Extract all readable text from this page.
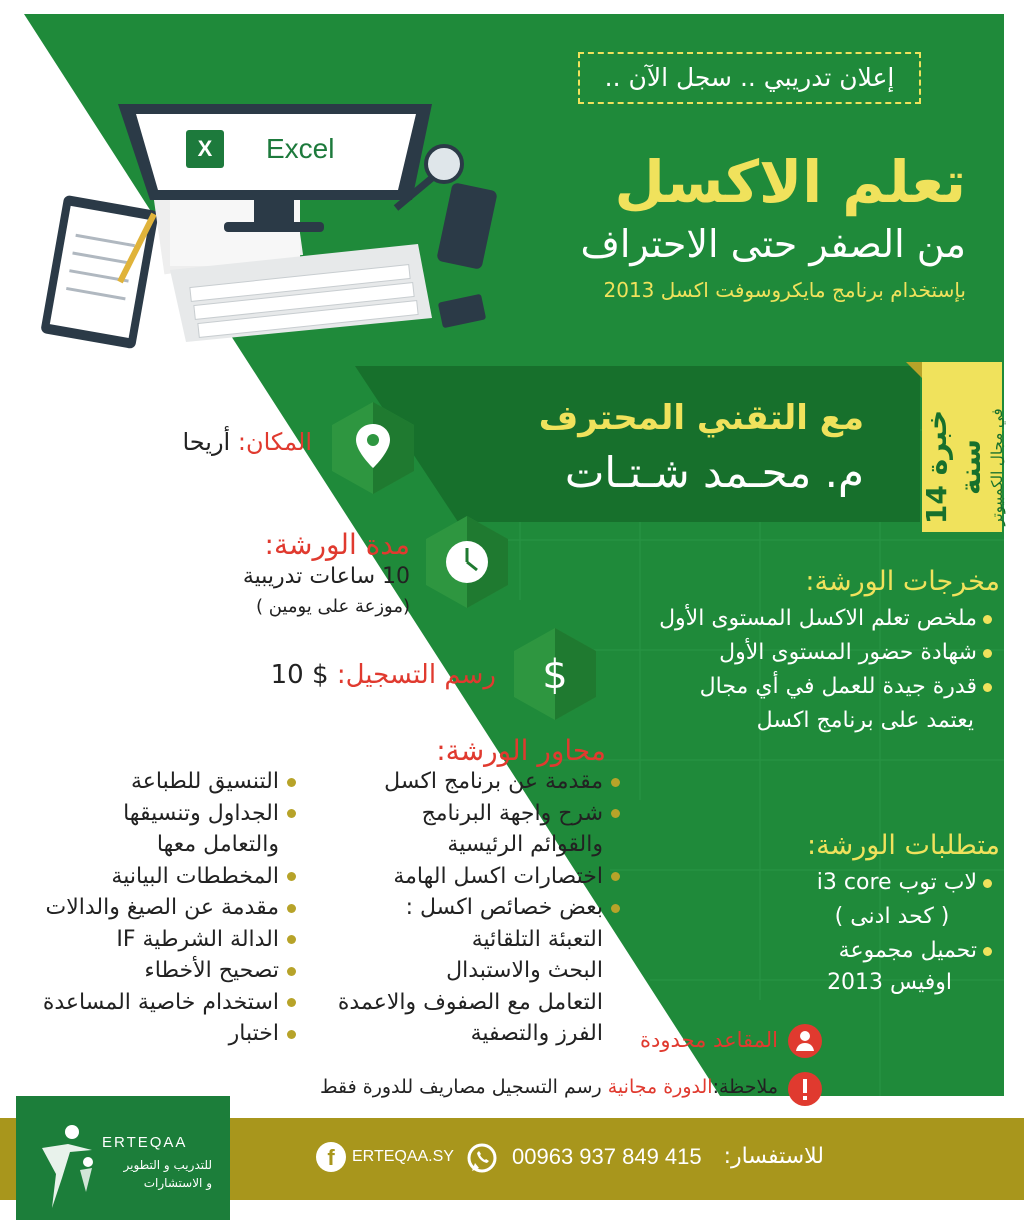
X Excel
إعلان تدريبي .. سجل الآن ..
تعلم الاكسل
من الصفر حتى الاحتراف
بإستخدام برنامج مايكروسوفت اكسل 2013
مع التقني المحترف
م. محـمد شـتـات
خبرة 14 سنة في مجال الكمبيوتر
$
المكان: أريحا
مدة الورشة:
10 ساعات تدريبية
(موزعة على يومين )
رسم التسجيل: $ 10
مخرجات الورشة:
ملخص تعلم الاكسل المستوى الأول
شهادة حضور المستوى الأول
قدرة جيدة للعمل في أي مجال
يعتمد على برنامج اكسل
متطلبات الورشة:
لاب توب i3 core
( كحد ادنى )
تحميل مجموعة
اوفيس 2013
محاور الورشة:
مقدمة عن برنامج اكسل
شرح واجهة البرنامج
والقوائم الرئيسية
اختصارات اكسل الهامة
بعض خصائص اكسل :
التعبئة التلقائية
البحث والاستبدال
التعامل مع الصفوف والاعمدة
الفرز والتصفية
التنسيق للطباعة
الجداول وتنسيقها
والتعامل معها
المخططات البيانية
مقدمة عن الصيغ والدالات
الدالة الشرطية IF
تصحيح الأخطاء
استخدام خاصية المساعدة
اختبار	المقاعد محدودة
ملاحظة:الدورة مجانية رسم التسجيل مصاريف للدورة فقط
ERTEQAA
للتدريب و التطوير
و الاستشارات
للاستفسار:
00963 937 849 415
ERTEQAA.SY
f
